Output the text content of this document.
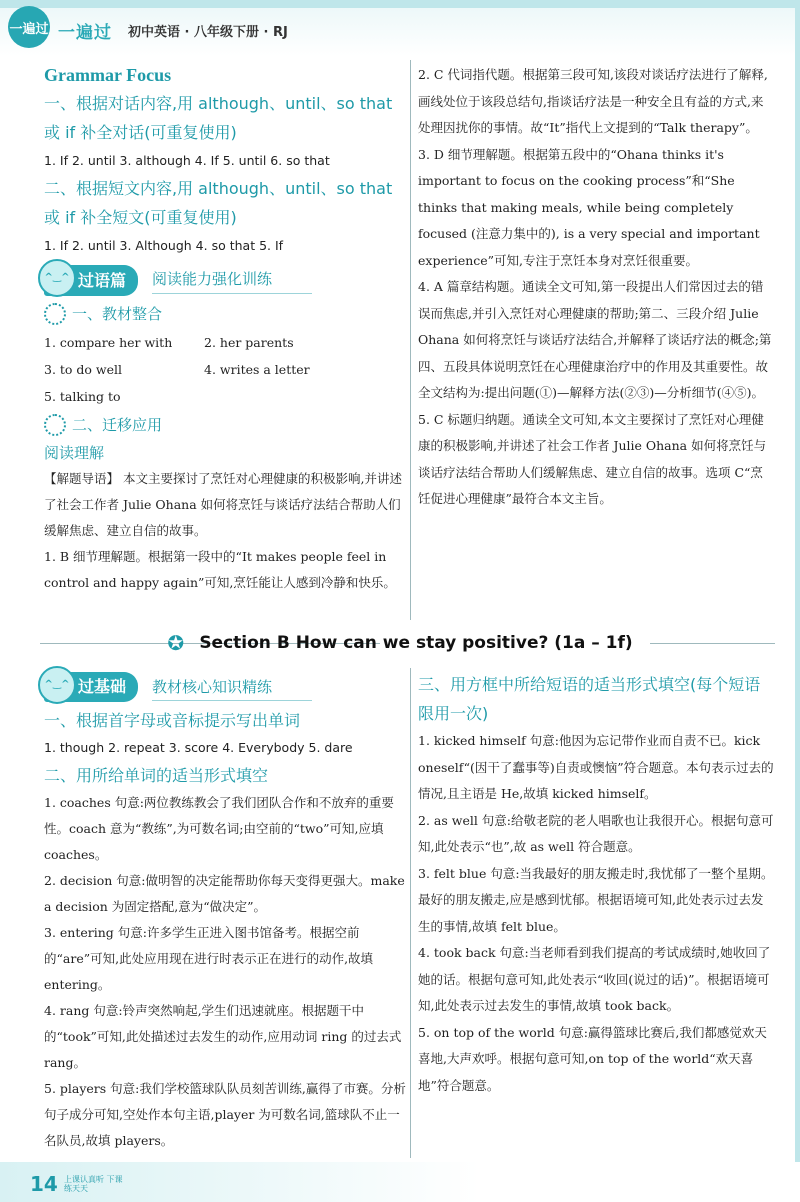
一遍过 一遍过 初中英语 · 八年级下册 · RJ
Grammar Focus
一、根据对话内容,用 although、until、so that 或 if 补全对话(可重复使用)
1. If 2. until 3. although 4. If 5. until 6. so that
二、根据短文内容,用 although、until、so that 或 if 补全短文(可重复使用)
1. If 2. until 3. Although 4. so that 5. If
^‿^ 过语篇	阅读能力强化训练
一、教材整合
1. compare her with	2. her parents
3. to do well	4. writes a letter
5. talking to
二、迁移应用
阅读理解

【解题导语】 本文主要探讨了烹饪对心理健康的积极影响,并讲述了社会工作者 Julie Ohana 如何将烹饪与谈话疗法结合帮助人们缓解焦虑、建立自信的故事。

1. B 细节理解题。根据第一段中的“It makes people feel in control and happy again”可知,烹饪能让人感到冷静和快乐。

2. C 代词指代题。根据第三段可知,该段对谈话疗法进行了解释,画线处位于该段总结句,指谈话疗法是一种安全且有益的方式,来处理因扰你的事情。故“It”指代上文提到的“Talk therapy”。

3. D 细节理解题。根据第五段中的“Ohana thinks it's important to focus on the cooking process”和“She thinks that making meals, while being completely focused (注意力集中的), is a very special and important experience”可知,专注于烹饪本身对烹饪很重要。

4. A 篇章结构题。通读全文可知,第一段提出人们常因过去的错误而焦虑,并引入烹饪对心理健康的帮助;第二、三段介绍 Julie Ohana 如何将烹饪与谈话疗法结合,并解释了谈话疗法的概念;第四、五段具体说明烹饪在心理健康治疗中的作用及其重要性。故全文结构为:提出问题(①)—解释方法(②③)—分析细节(④⑤)。

5. C 标题归纳题。通读全文可知,本文主要探讨了烹饪对心理健康的积极影响,并讲述了社会工作者 Julie Ohana 如何将烹饪与谈话疗法结合帮助人们缓解焦虑、建立自信的故事。选项 C“烹饪促进心理健康”最符合本文主旨。

✪ Section B How can we stay positive? (1a – 1f)
^‿^ 过基础	教材核心知识精练
一、根据首字母或音标提示写出单词
1. though 2. repeat 3. score 4. Everybody 5. dare
二、用所给单词的适当形式填空

1. coaches 句意:两位教练教会了我们团队合作和不放弃的重要性。coach 意为“教练”,为可数名词;由空前的“two”可知,应填 coaches。

2. decision 句意:做明智的决定能帮助你每天变得更强大。make a decision 为固定搭配,意为“做决定”。

3. entering 句意:许多学生正进入图书馆备考。根据空前的“are”可知,此处应用现在进行时表示正在进行的动作,故填 entering。

4. rang 句意:铃声突然响起,学生们迅速就座。根据题干中的“took”可知,此处描述过去发生的动作,应用动词 ring 的过去式 rang。

5. players 句意:我们学校篮球队队员刻苦训练,赢得了市赛。分析句子成分可知,空处作本句主语,player 为可数名词,篮球队不止一名队员,故填 players。

三、用方框中所给短语的适当形式填空(每个短语限用一次)

1. kicked himself 句意:他因为忘记带作业而自责不已。kick oneself“(因干了蠢事等)自责或懊恼”符合题意。本句表示过去的情况,且主语是 He,故填 kicked himself。

2. as well 句意:给敬老院的老人唱歌也让我很开心。根据句意可知,此处表示“也”,故 as well 符合题意。

3. felt blue 句意:当我最好的朋友搬走时,我忧郁了一整个星期。最好的朋友搬走,应是感到忧郁。根据语境可知,此处表示过去发生的事情,故填 felt blue。

4. took back 句意:当老师看到我们提高的考试成绩时,她收回了她的话。根据句意可知,此处表示“收回(说过的话)”。根据语境可知,此处表示过去发生的事情,故填 took back。

5. on top of the world 句意:赢得篮球比赛后,我们都感觉欢天喜地,大声欢呼。根据句意可知,on top of the world“欢天喜地”符合题意。

14 上课认真听 下课练天天
